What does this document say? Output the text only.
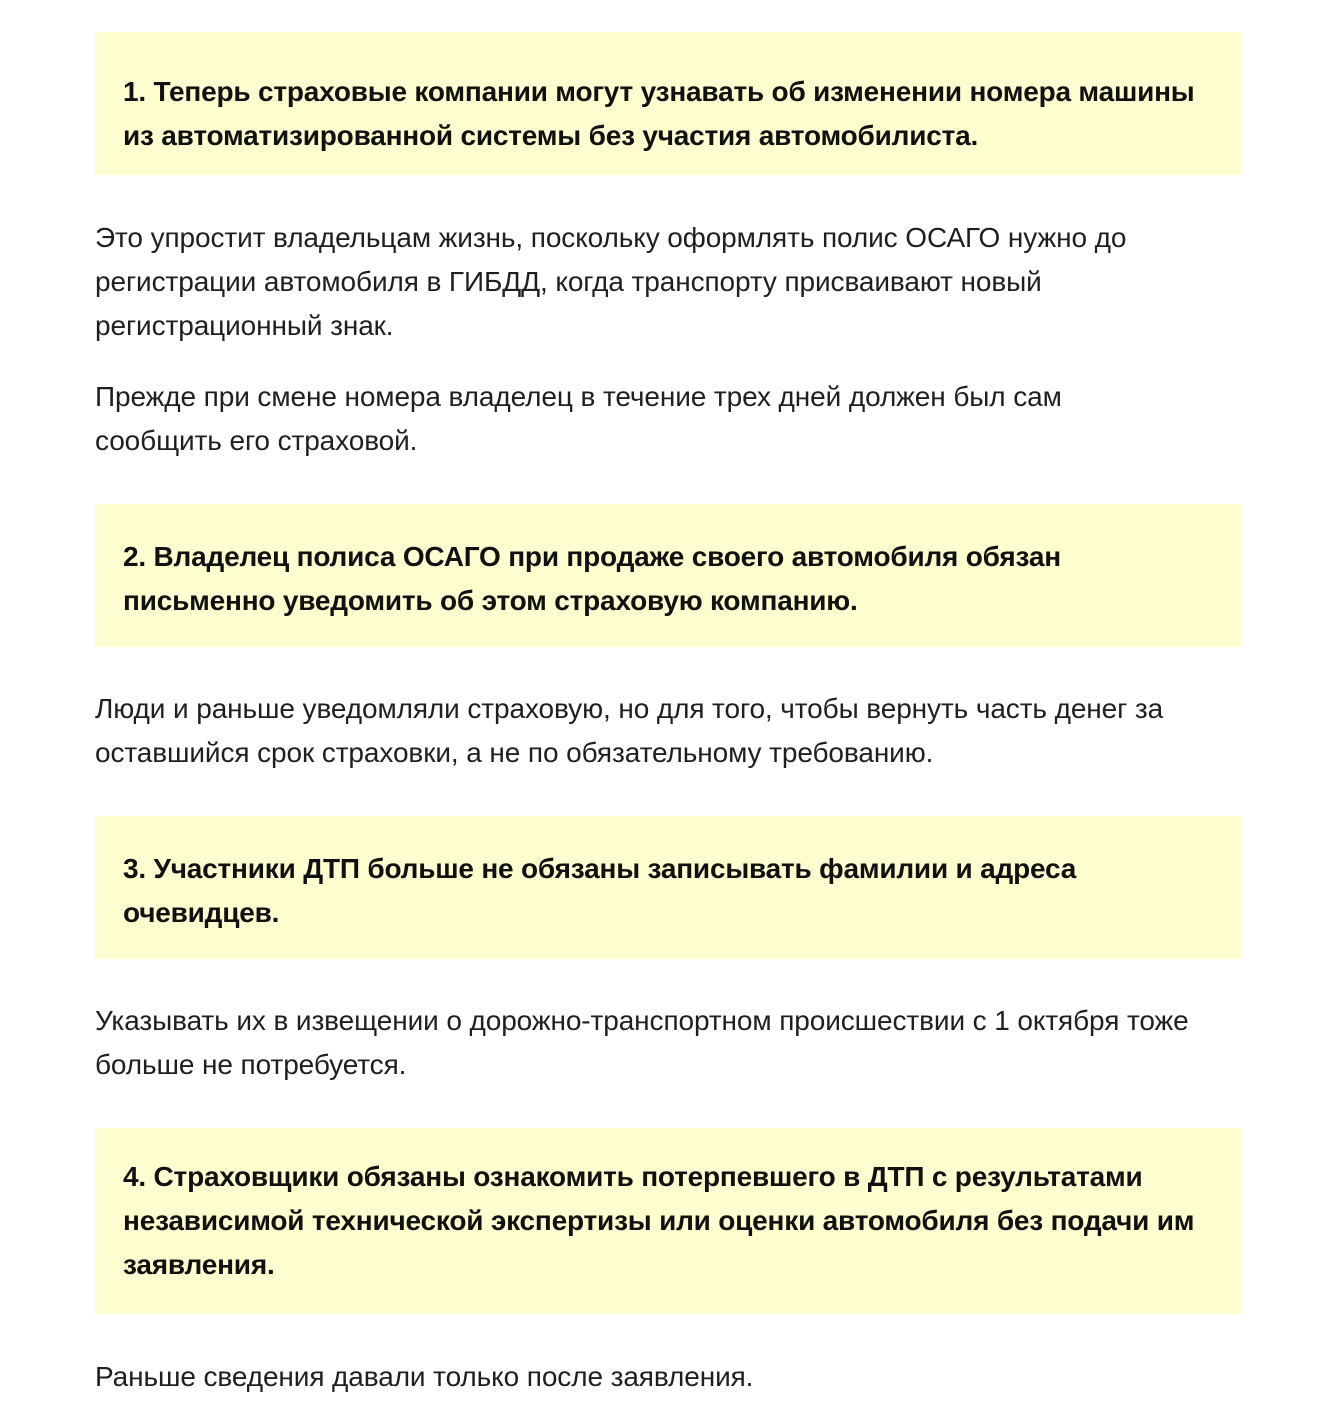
1. Теперь страховые компании могут узнавать об изменении номера машины из автоматизированной системы без участия автомобилиста.

Это упростит владельцам жизнь, поскольку оформлять полис ОСАГО нужно до регистрации автомобиля в ГИБДД, когда транспорту присваивают новый регистрационный знак.

Прежде при смене номера владелец в течение трех дней должен был сам сообщить его страховой.

2. Владелец полиса ОСАГО при продаже своего автомобиля обязан письменно уведомить об этом страховую компанию.

Люди и раньше уведомляли страховую, но для того, чтобы вернуть часть денег за оставшийся срок страховки, а не по обязательному требованию.

3. Участники ДТП больше не обязаны записывать фамилии и адреса очевидцев.

Указывать их в извещении о дорожно-транспортном происшествии с 1 октября тоже больше не потребуется.

4. Страховщики обязаны ознакомить потерпевшего в ДТП с результатами независимой технической экспертизы или оценки автомобиля без подачи им заявления.

Раньше сведения давали только после заявления.
